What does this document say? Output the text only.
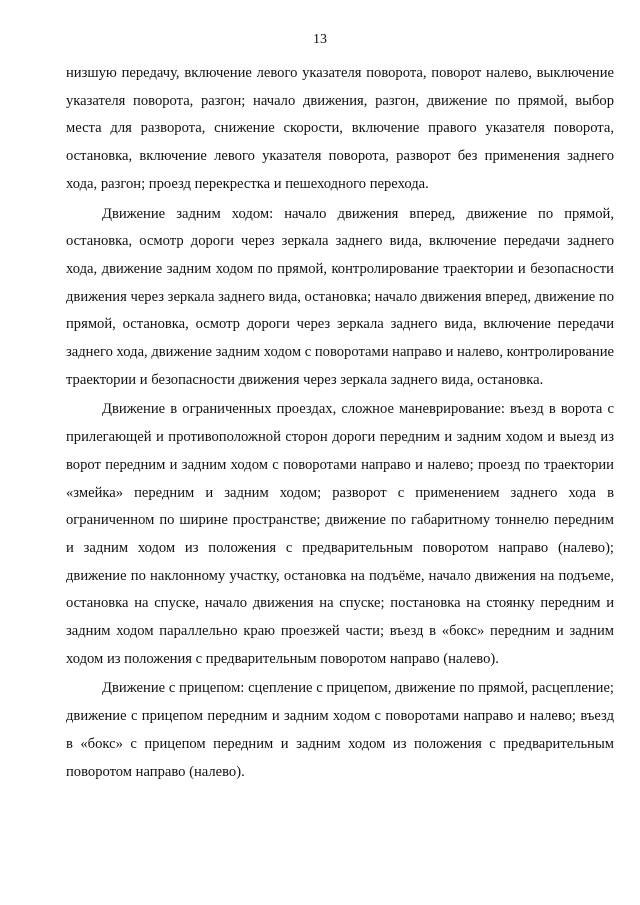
13

низшую передачу, включение левого указателя поворота, поворот налево, выключение указателя поворота, разгон; начало движения, разгон, движение по прямой, выбор места для разворота, снижение скорости, включение правого указателя поворота, остановка, включение левого указателя поворота, разворот без применения заднего хода, разгон; проезд перекрестка и пешеходного перехода.

Движение задним ходом: начало движения вперед, движение по прямой, остановка, осмотр дороги через зеркала заднего вида, включение передачи заднего хода, движение задним ходом по прямой, контролирование траектории и безопасности движения через зеркала заднего вида, остановка; начало движения вперед, движение по прямой, остановка, осмотр дороги через зеркала заднего вида, включение передачи заднего хода, движение задним ходом с поворотами направо и налево, контролирование траектории и безопасности движения через зеркала заднего вида, остановка.

Движение в ограниченных проездах, сложное маневрирование: въезд в ворота с прилегающей и противоположной сторон дороги передним и задним ходом и выезд из ворот передним и задним ходом с поворотами направо и налево; проезд по траектории «змейка» передним и задним ходом; разворот с применением заднего хода в ограниченном по ширине пространстве; движение по габаритному тоннелю передним и задним ходом из положения с предварительным поворотом направо (налево); движение по наклонному участку, остановка на подъёме, начало движения на подъеме, остановка на спуске, начало движения на спуске; постановка на стоянку передним и задним ходом параллельно краю проезжей части; въезд в «бокс» передним и задним ходом из положения с предварительным поворотом направо (налево).

Движение с прицепом: сцепление с прицепом, движение по прямой, расцепление; движение с прицепом передним и задним ходом с поворотами направо и налево; въезд в «бокс» с прицепом передним и задним ходом из положения с предварительным поворотом направо (налево).
